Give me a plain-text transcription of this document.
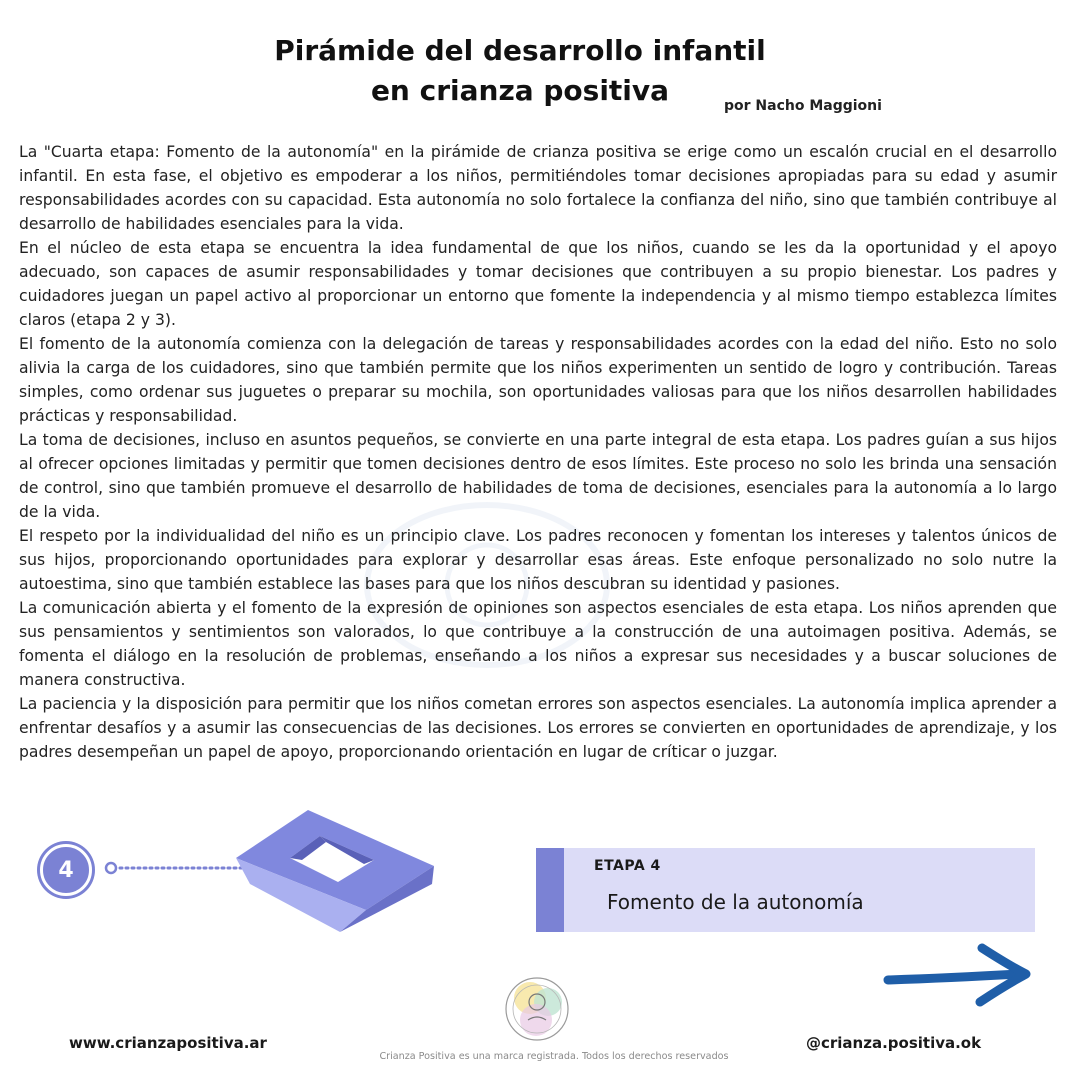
Pirámide del desarrollo infantil
en crianza positiva	por Nacho Maggioni

La "Cuarta etapa: Fomento de la autonomía" en la pirámide de crianza positiva se erige como un escalón crucial en el desarrollo infantil. En esta fase, el objetivo es empoderar a los niños, permitiéndoles tomar decisiones apropiadas para su edad y asumir responsabilidades acordes con su capacidad. Esta autonomía no solo fortalece la confianza del niño, sino que también contribuye al desarrollo de habilidades esenciales para la vida.

En el núcleo de esta etapa se encuentra la idea fundamental de que los niños, cuando se les da la oportunidad y el apoyo adecuado, son capaces de asumir responsabilidades y tomar decisiones que contribuyen a su propio bienestar. Los padres y cuidadores juegan un papel activo al proporcionar un entorno que fomente la independencia y al mismo tiempo establezca límites claros (etapa 2 y 3).

El fomento de la autonomía comienza con la delegación de tareas y responsabilidades acordes con la edad del niño. Esto no solo alivia la carga de los cuidadores, sino que también permite que los niños experimenten un sentido de logro y contribución. Tareas simples, como ordenar sus juguetes o preparar su mochila, son oportunidades valiosas para que los niños desarrollen habilidades prácticas y responsabilidad.

La toma de decisiones, incluso en asuntos pequeños, se convierte en una parte integral de esta etapa. Los padres guían a sus hijos al ofrecer opciones limitadas y permitir que tomen decisiones dentro de esos límites. Este proceso no solo les brinda una sensación de control, sino que también promueve el desarrollo de habilidades de toma de decisiones, esenciales para la autonomía a lo largo de la vida.

El respeto por la individualidad del niño es un principio clave. Los padres reconocen y fomentan los intereses y talentos únicos de sus hijos, proporcionando oportunidades para explorar y desarrollar esas áreas. Este enfoque personalizado no solo nutre la autoestima, sino que también establece las bases para que los niños descubran su identidad y pasiones.

La comunicación abierta y el fomento de la expresión de opiniones son aspectos esenciales de esta etapa. Los niños aprenden que sus pensamientos y sentimientos son valorados, lo que contribuye a la construcción de una autoimagen positiva. Además, se fomenta el diálogo en la resolución de problemas, enseñando a los niños a expresar sus necesidades y a buscar soluciones de manera constructiva.

La paciencia y la disposición para permitir que los niños cometan errores son aspectos esenciales. La autonomía implica aprender a enfrentar desafíos y a asumir las consecuencias de las decisiones. Los errores se convierten en oportunidades de aprendizaje, y los padres desempeñan un papel de apoyo, proporcionando orientación en lugar de críticar o juzgar.

4	ETAPA 4
Fomento de la autonomía
www.crianzapositiva.ar	@crianza.positiva.ok
Crianza Positiva es una marca registrada. Todos los derechos reservados
